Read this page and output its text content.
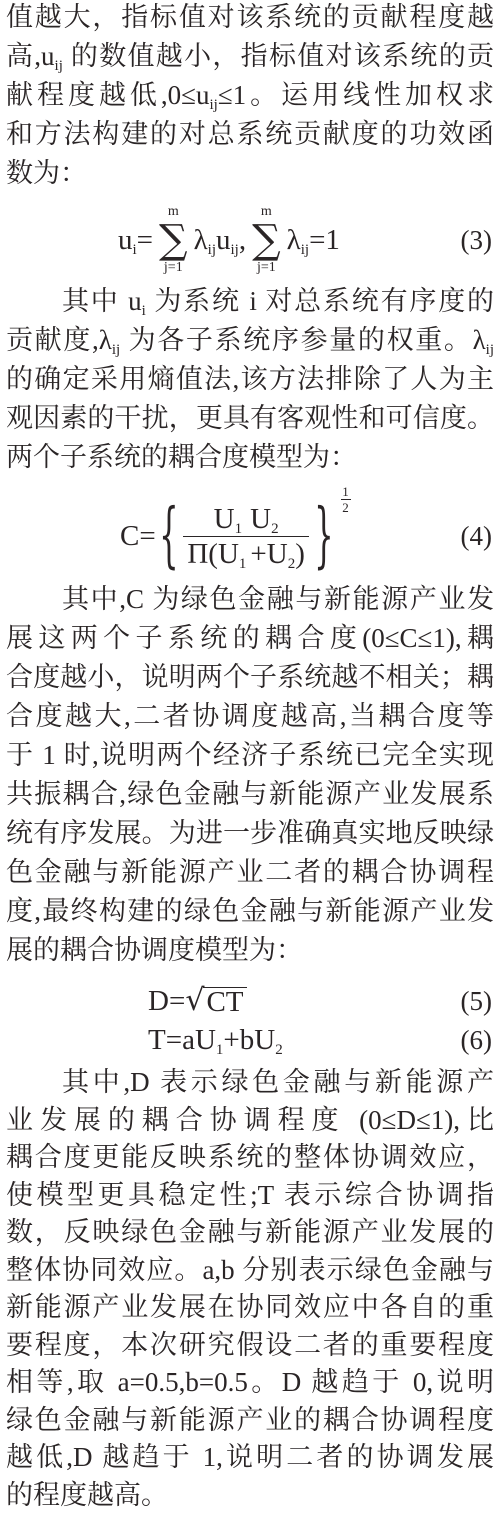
值越大，指标值对该系统的贡献程度越
高$,u_{ij}$ 的数值越小，指标值对该系统的贡
献程度越低$,0\le u_{ij}\le 1$。运用线性加权求
和方法构建的对总系统贡献度的功效函
数为：
$u_i=$
m
∑
j=1
$\lambda_{ij}u_{ij}$,
m
∑
j=1
$\lambda_{ij}=1$	(3)
其中 $u_i$ 为系统 i 对总系统有序度的
贡献度$,\lambda_{ij}$ 为各子系统序参量的权重。$\lambda_{ij}$
的确定采用熵值法,该方法排除了人为主
观因素的干扰，更具有客观性和可信度。
两个子系统的耦合度模型为：
C= { $\frac{U_1 U_2}{\Pi(U_1 +U_2)}$ }
1
2
(4)
其中,C 为绿色金融与新能源产业发
展这两个子系统的耦合度(0≤C≤1),耦
合度越小，说明两个子系统越不相关；耦
合度越大,二者协调度越高,当耦合度等
于 1 时,说明两个经济子系统已完全实现
共振耦合,绿色金融与新能源产业发展系
统有序发展。为进一步准确真实地反映绿
色金融与新能源产业二者的耦合协调程
度,最终构建的绿色金融与新能源产业发
展的耦合协调度模型为：
D= √ CT	(5)
$T=aU_1+bU_2$	(6)
其中,D 表示绿色金融与新能源产
业发展的耦合协调程度 (0≤D≤1),比
耦合度更能反映系统的整体协调效应，
使模型更具稳定性;T 表示综合协调指
数，反映绿色金融与新能源产业发展的
整体协同效应。a,b 分别表示绿色金融与
新能源产业发展在协同效应中各自的重
要程度，本次研究假设二者的重要程度
相等,取 a=0.5,b=0.5。D 越趋于 0,说明
绿色金融与新能源产业的耦合协调程度
越低,D 越趋于 1,说明二者的协调发展
的程度越高。
